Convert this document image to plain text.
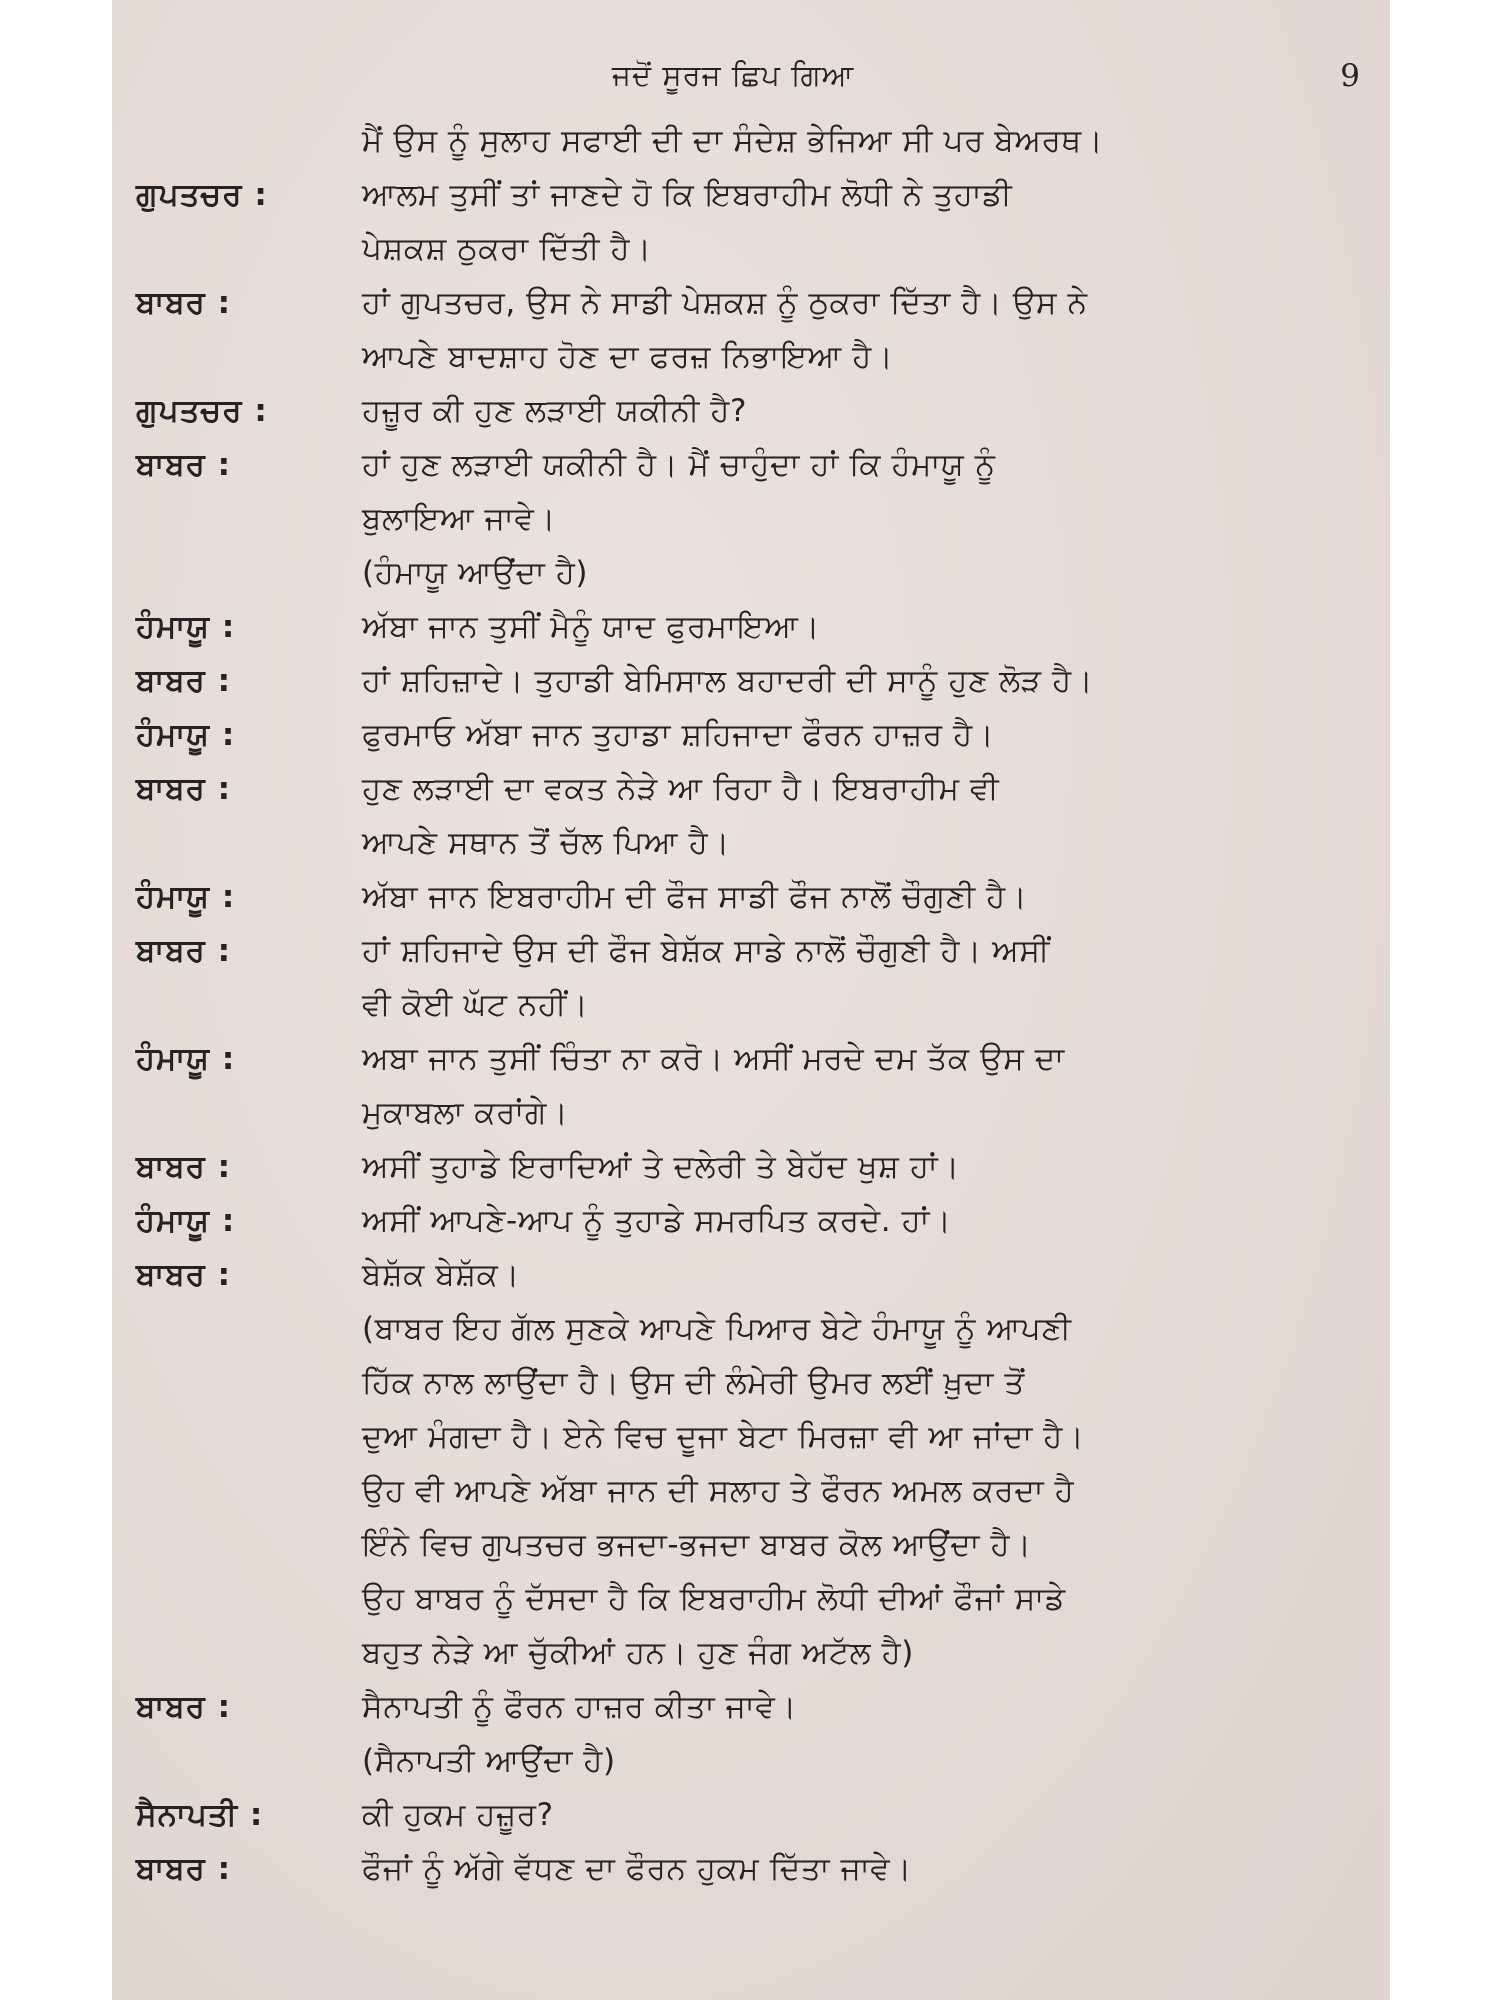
ਜਦੋਂ ਸੂਰਜ ਛਿਪ ਗਿਆ	9
ਮੈਂ ਉਸ ਨੂੰ ਸੁਲਾਹ ਸਫਾਈ ਦੀ ਦਾ ਸੰਦੇਸ਼ ਭੇਜਿਆ ਸੀ ਪਰ ਬੇਅਰਥ।
ਗੁਪਤਚਰ :	ਆਲਮ ਤੁਸੀਂ ਤਾਂ ਜਾਣਦੇ ਹੋ ਕਿ ਇਬਰਾਹੀਮ ਲੋਧੀ ਨੇ ਤੁਹਾਡੀ
ਪੇਸ਼ਕਸ਼ ਠੁਕਰਾ ਦਿੱਤੀ ਹੈ।
ਬਾਬਰ :	ਹਾਂ ਗੁਪਤਚਰ, ਉਸ ਨੇ ਸਾਡੀ ਪੇਸ਼ਕਸ਼ ਨੂੰ ਠੁਕਰਾ ਦਿੱਤਾ ਹੈ। ਉਸ ਨੇ
ਆਪਣੇ ਬਾਦਸ਼ਾਹ ਹੋਣ ਦਾ ਫਰਜ਼ ਨਿਭਾਇਆ ਹੈ।
ਗੁਪਤਚਰ :	ਹਜ਼ੂਰ ਕੀ ਹੁਣ ਲੜਾਈ ਯਕੀਨੀ ਹੈ?
ਬਾਬਰ :	ਹਾਂ ਹੁਣ ਲੜਾਈ ਯਕੀਨੀ ਹੈ। ਮੈਂ ਚਾਹੁੰਦਾ ਹਾਂ ਕਿ ਹੰਮਾਯੂ ਨੂੰ
ਬੁਲਾਇਆ ਜਾਵੇ।
(ਹੰਮਾਯੂ ਆਉਂਦਾ ਹੈ)
ਹੰਮਾਯੂ :	ਅੱਬਾ ਜਾਨ ਤੁਸੀਂ ਮੈਨੂੰ ਯਾਦ ਫੁਰਮਾਇਆ।
ਬਾਬਰ :	ਹਾਂ ਸ਼ਹਿਜ਼ਾਦੇ। ਤੁਹਾਡੀ ਬੇਮਿਸਾਲ ਬਹਾਦਰੀ ਦੀ ਸਾਨੂੰ ਹੁਣ ਲੋੜ ਹੈ।
ਹੰਮਾਯੂ :	ਫੁਰਮਾਓ ਅੱਬਾ ਜਾਨ ਤੁਹਾਡਾ ਸ਼ਹਿਜਾਦਾ ਫੌਰਨ ਹਾਜ਼ਰ ਹੈ।
ਬਾਬਰ :	ਹੁਣ ਲੜਾਈ ਦਾ ਵਕਤ ਨੇੜੇ ਆ ਰਿਹਾ ਹੈ। ਇਬਰਾਹੀਮ ਵੀ
ਆਪਣੇ ਸਥਾਨ ਤੋਂ ਚੱਲ ਪਿਆ ਹੈ।
ਹੰਮਾਯੂ :	ਅੱਬਾ ਜਾਨ ਇਬਰਾਹੀਮ ਦੀ ਫੌਜ ਸਾਡੀ ਫੌਜ ਨਾਲੋਂ ਚੌਗੁਣੀ ਹੈ।
ਬਾਬਰ :	ਹਾਂ ਸ਼ਹਿਜਾਦੇ ਉਸ ਦੀ ਫੌਜ ਬੇਸ਼ੱਕ ਸਾਡੇ ਨਾਲੋਂ ਚੌਗੁਣੀ ਹੈ। ਅਸੀਂ
ਵੀ ਕੋਈ ਘੱਟ ਨਹੀਂ।
ਹੰਮਾਯੂ :	ਅਬਾ ਜਾਨ ਤੁਸੀਂ ਚਿੰਤਾ ਨਾ ਕਰੋ। ਅਸੀਂ ਮਰਦੇ ਦਮ ਤੱਕ ਉਸ ਦਾ
ਮੁਕਾਬਲਾ ਕਰਾਂਗੇ।
ਬਾਬਰ :	ਅਸੀਂ ਤੁਹਾਡੇ ਇਰਾਦਿਆਂ ਤੇ ਦਲੇਰੀ ਤੇ ਬੇਹੱਦ ਖੁਸ਼ ਹਾਂ।
ਹੰਮਾਯੂ :	ਅਸੀਂ ਆਪਣੇ-ਆਪ ਨੂੰ ਤੁਹਾਡੇ ਸਮਰਪਿਤ ਕਰਦੇ. ਹਾਂ।
ਬਾਬਰ :	ਬੇਸ਼ੱਕ ਬੇਸ਼ੱਕ।
(ਬਾਬਰ ਇਹ ਗੱਲ ਸੁਣਕੇ ਆਪਣੇ ਪਿਆਰ ਬੇਟੇ ਹੰਮਾਯੂ ਨੂੰ ਆਪਣੀ
ਹਿੱਕ ਨਾਲ ਲਾਉਂਦਾ ਹੈ। ਉਸ ਦੀ ਲੰਮੇਰੀ ਉਮਰ ਲਈਂ ਖ਼ੁਦਾ ਤੋਂ
ਦੁਆ ਮੰਗਦਾ ਹੈ। ਏਨੇ ਵਿਚ ਦੂਜਾ ਬੇਟਾ ਮਿਰਜ਼ਾ ਵੀ ਆ ਜਾਂਦਾ ਹੈ।
ਉਹ ਵੀ ਆਪਣੇ ਅੱਬਾ ਜਾਨ ਦੀ ਸਲਾਹ ਤੇ ਫੌਰਨ ਅਮਲ ਕਰਦਾ ਹੈ
ਇੰਨੇ ਵਿਚ ਗੁਪਤਚਰ ਭਜਦਾ-ਭਜਦਾ ਬਾਬਰ ਕੋਲ ਆਉਂਦਾ ਹੈ।
ਉਹ ਬਾਬਰ ਨੂੰ ਦੱਸਦਾ ਹੈ ਕਿ ਇਬਰਾਹੀਮ ਲੋਧੀ ਦੀਆਂ ਫੌਜਾਂ ਸਾਡੇ
ਬਹੁਤ ਨੇੜੇ ਆ ਚੁੱਕੀਆਂ ਹਨ। ਹੁਣ ਜੰਗ ਅਟੱਲ ਹੈ)
ਬਾਬਰ :	ਸੈਨਾਪਤੀ ਨੂੰ ਫੌਰਨ ਹਾਜ਼ਰ ਕੀਤਾ ਜਾਵੇ।
(ਸੈਨਾਪਤੀ ਆਉਂਦਾ ਹੈ)
ਸੈਨਾਪਤੀ :	ਕੀ ਹੁਕਮ ਹਜ਼ੂਰ?
ਬਾਬਰ :	ਫੌਜਾਂ ਨੂੰ ਅੱਗੇ ਵੱਧਣ ਦਾ ਫੌਰਨ ਹੁਕਮ ਦਿੱਤਾ ਜਾਵੇ।
